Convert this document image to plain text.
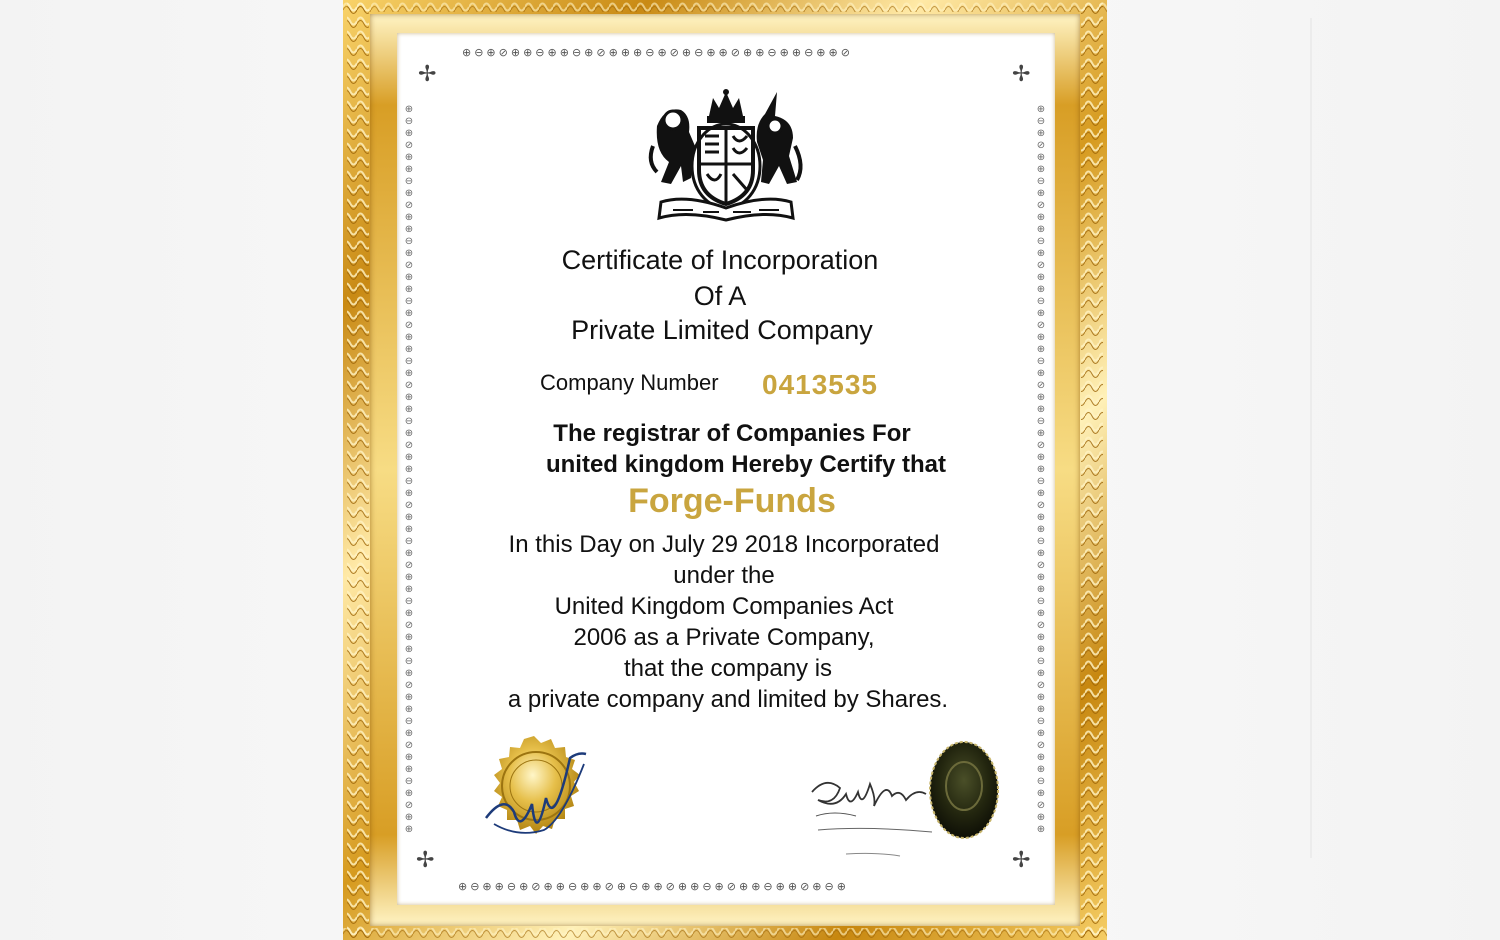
⊕⊖⊕⊘⊕⊕⊖⊕⊕⊖⊕⊘⊕⊕⊕⊖⊕⊘⊕⊖⊕⊕⊘⊕⊕⊖⊕⊕⊖⊕⊕⊘
⊕⊖⊕⊕⊖⊕⊘⊕⊕⊖⊕⊕⊘⊕⊖⊕⊕⊘⊕⊕⊖⊕⊘⊕⊕⊖⊕⊕⊘⊕⊖⊕
⊕ ⊖ ⊕ ⊘ ⊕ ⊕ ⊖ ⊕ ⊘ ⊕ ⊕ ⊖ ⊕ ⊘ ⊕ ⊕ ⊖ ⊕ ⊘ ⊕ ⊕ ⊖ ⊕ ⊘ ⊕ ⊕ ⊖ ⊕ ⊘ ⊕ ⊕ ⊖ ⊕ ⊘ ⊕ ⊕ ⊖ ⊕ ⊘ ⊕ ⊕ ⊖ ⊕ ⊘ ⊕ ⊕ ⊖ ⊕ ⊘ ⊕ ⊕ ⊖ ⊕ ⊘ ⊕ ⊕ ⊖ ⊕ ⊘ ⊕ ⊕
⊕ ⊖ ⊕ ⊘ ⊕ ⊕ ⊖ ⊕ ⊘ ⊕ ⊕ ⊖ ⊕ ⊘ ⊕ ⊕ ⊖ ⊕ ⊘ ⊕ ⊕ ⊖ ⊕ ⊘ ⊕ ⊕ ⊖ ⊕ ⊘ ⊕ ⊕ ⊖ ⊕ ⊘ ⊕ ⊕ ⊖ ⊕ ⊘ ⊕ ⊕ ⊖ ⊕ ⊘ ⊕ ⊕ ⊖ ⊕ ⊘ ⊕ ⊕ ⊖ ⊕ ⊘ ⊕ ⊕ ⊖ ⊕ ⊘ ⊕ ⊕
✢	✢
✢	✢
Certificate of Incorporation
Of A
Private Limited Company
Company Number 0413535
The registrar of Companies For
united kingdom Hereby Certify that
Forge-Funds
In this Day on July 29 2018 Incorporated
under the
United Kingdom Companies Act
2006 as a Private Company,
that the company is
a private company and limited by Shares.
